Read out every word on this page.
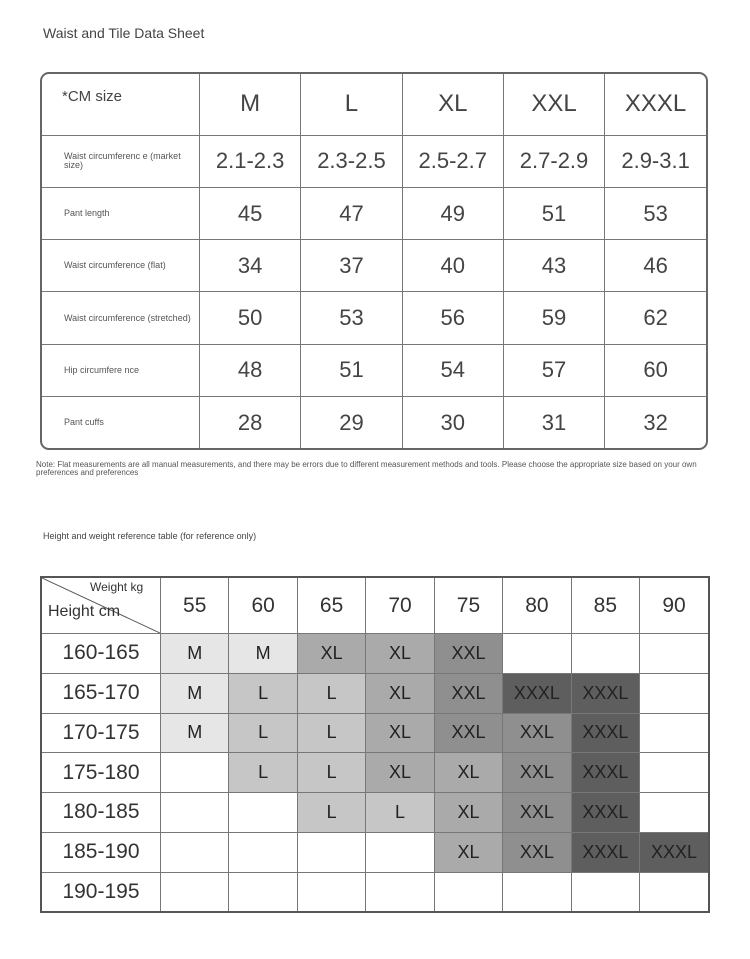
Waist and Tile Data Sheet
*CM size	M	L	XL	XXL	XXXL
Waist circumferenc e (market size)	2.1-2.3	2.3-2.5	2.5-2.7	2.7-2.9	2.9-3.1
Pant length	45	47	49	51	53
Waist circumference (flat)	34	37	40	43	46
Waist circumference (stretched)	50	53	56	59	62
Hip circumfere nce	48	51	54	57	60
Pant cuffs	28	29	30	31	32
Note: Flat measurements are all manual measurements, and there may be errors due to different measurement methods and tools. Please choose the appropriate size based on your own preferences and preferences
Height and weight reference table (for reference only)
Weight kg
Height cm	55	60	65	70	75	80	85	90
160-165	M	M	XL	XL	XXL			
165-170	M	L	L	XL	XXL	XXXL	XXXL	
170-175	M	L	L	XL	XXL	XXL	XXXL	
175-180		L	L	XL	XL	XXL	XXXL	
180-185			L	L	XL	XXL	XXXL	
185-190					XL	XXL	XXXL	XXXL
190-195								
